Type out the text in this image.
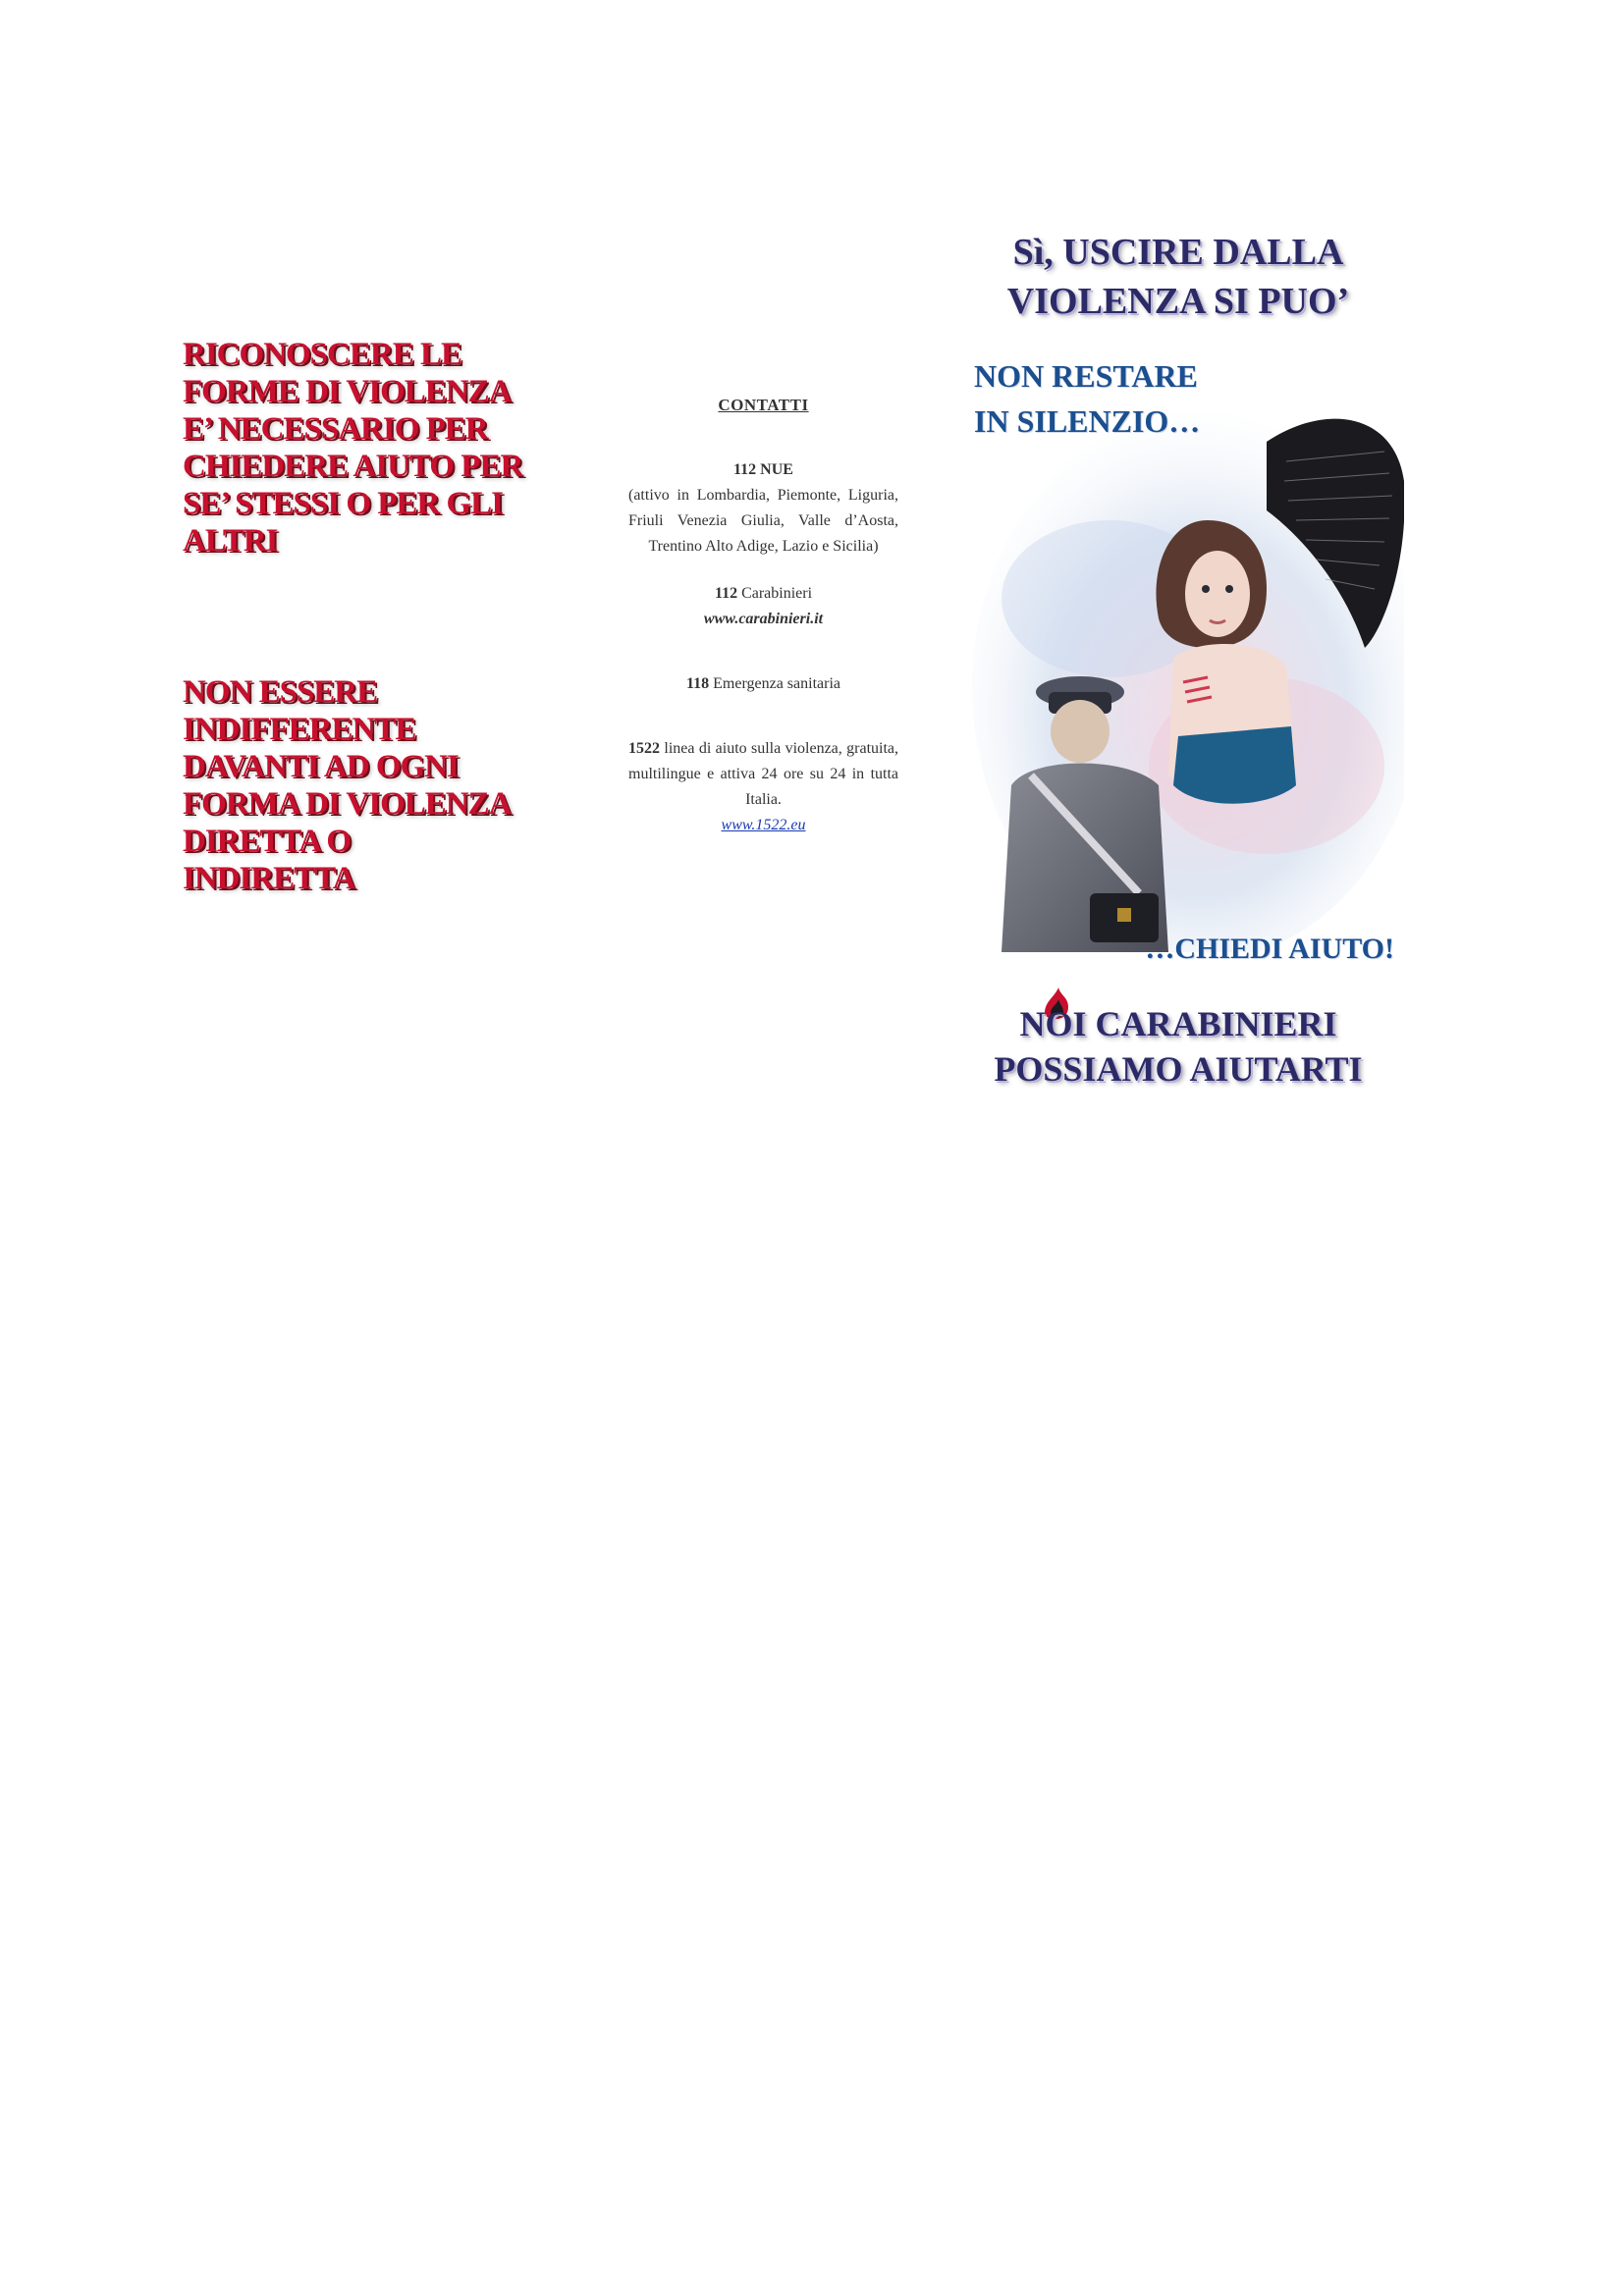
RICONOSCERE LE
FORME DI VIOLENZA
E’ NECESSARIO PER
CHIEDERE AIUTO PER
SE’ STESSI O PER GLI
ALTRI
NON ESSERE
INDIFFERENTE
DAVANTI AD OGNI
FORMA DI VIOLENZA
DIRETTA O
INDIRETTA
CONTATTI
112 NUE
(attivo in Lombardia, Piemonte, Liguria, Friuli Venezia Giulia, Valle d’Aosta, Trentino Alto Adige, Lazio e Sicilia)
112 Carabinieri
www.carabinieri.it
118 Emergenza sanitaria
1522 linea di aiuto sulla violenza, gratuita, multilingue e attiva 24 ore su 24 in tutta Italia.
www.1522.eu
Sì, USCIRE DALLA
VIOLENZA SI PUO’
NON RESTARE
IN SILENZIO…
…CHIEDI AIUTO!
NOI CARABINIERI
POSSIAMO AIUTARTI
